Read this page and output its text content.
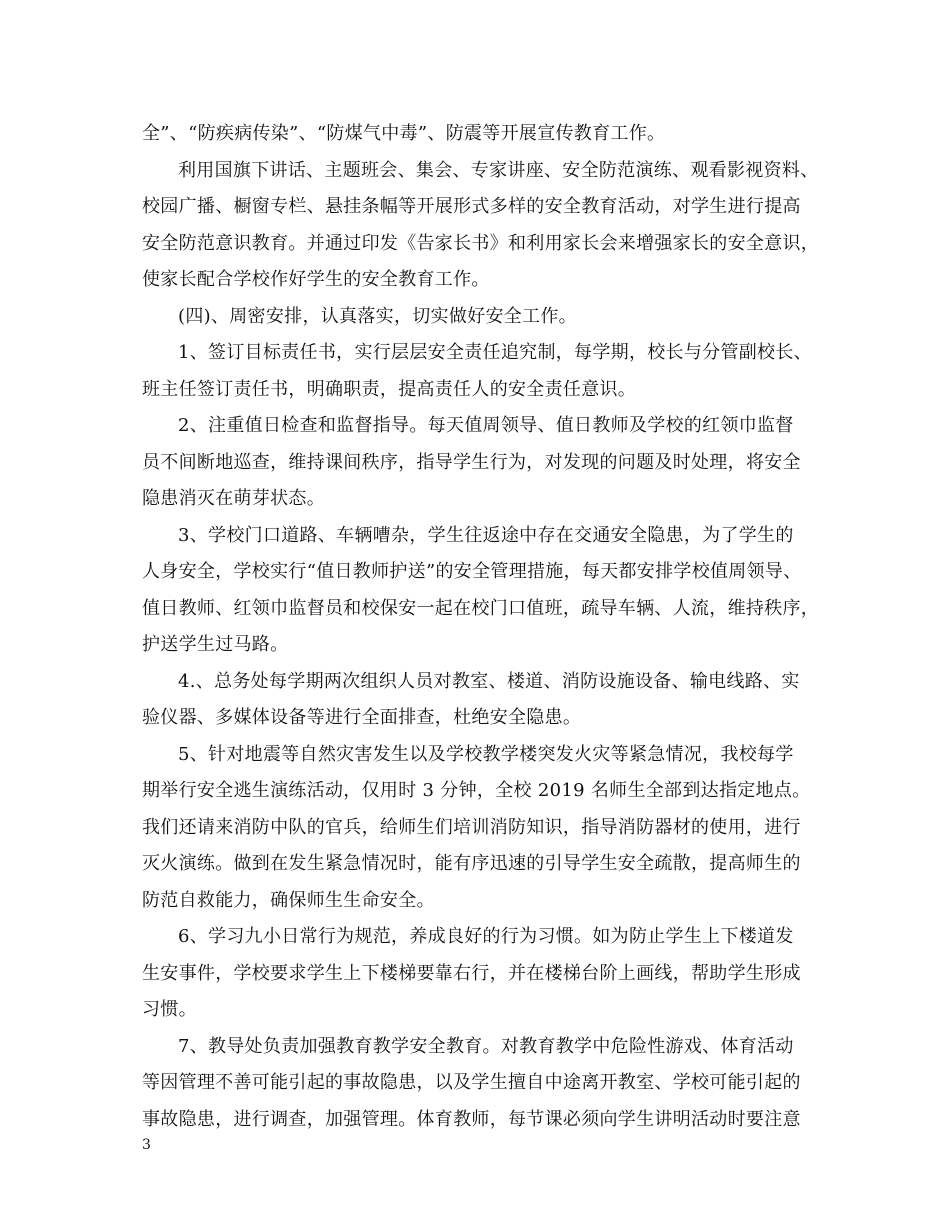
全”、“防疾病传染”、“防煤气中毒”、防震等开展宣传教育工作。
利用国旗下讲话、主题班会、集会、专家讲座、安全防范演练、观看影视资料、
校园广播、橱窗专栏、悬挂条幅等开展形式多样的安全教育活动，对学生进行提高
安全防范意识教育。并通过印发《告家长书》和利用家长会来增强家长的安全意识，
使家长配合学校作好学生的安全教育工作。
(四)、周密安排，认真落实，切实做好安全工作。
1、签订目标责任书，实行层层安全责任追究制，每学期，校长与分管副校长、
班主任签订责任书，明确职责，提高责任人的安全责任意识。
2、注重值日检查和监督指导。每天值周领导、值日教师及学校的红领巾监督
员不间断地巡查，维持课间秩序，指导学生行为，对发现的问题及时处理，将安全
隐患消灭在萌芽状态。
3、学校门口道路、车辆嘈杂，学生往返途中存在交通安全隐患，为了学生的
人身安全，学校实行“值日教师护送”的安全管理措施，每天都安排学校值周领导、
值日教师、红领巾监督员和校保安一起在校门口值班，疏导车辆、人流，维持秩序，
护送学生过马路。
4.、总务处每学期两次组织人员对教室、楼道、消防设施设备、输电线路、实
验仪器、多媒体设备等进行全面排查，杜绝安全隐患。
5、针对地震等自然灾害发生以及学校教学楼突发火灾等紧急情况，我校每学
期举行安全逃生演练活动，仅用时 3 分钟，全校 2019 名师生全部到达指定地点。
我们还请来消防中队的官兵，给师生们培训消防知识，指导消防器材的使用，进行
灭火演练。做到在发生紧急情况时，能有序迅速的引导学生安全疏散，提高师生的
防范自救能力，确保师生生命安全。
6、学习九小日常行为规范，养成良好的行为习惯。如为防止学生上下楼道发
生安事件，学校要求学生上下楼梯要靠右行，并在楼梯台阶上画线，帮助学生形成
习惯。
7、教导处负责加强教育教学安全教育。对教育教学中危险性游戏、体育活动
等因管理不善可能引起的事故隐患，以及学生擅自中途离开教室、学校可能引起的
事故隐患，进行调查，加强管理。体育教师，每节课必须向学生讲明活动时要注意
3
